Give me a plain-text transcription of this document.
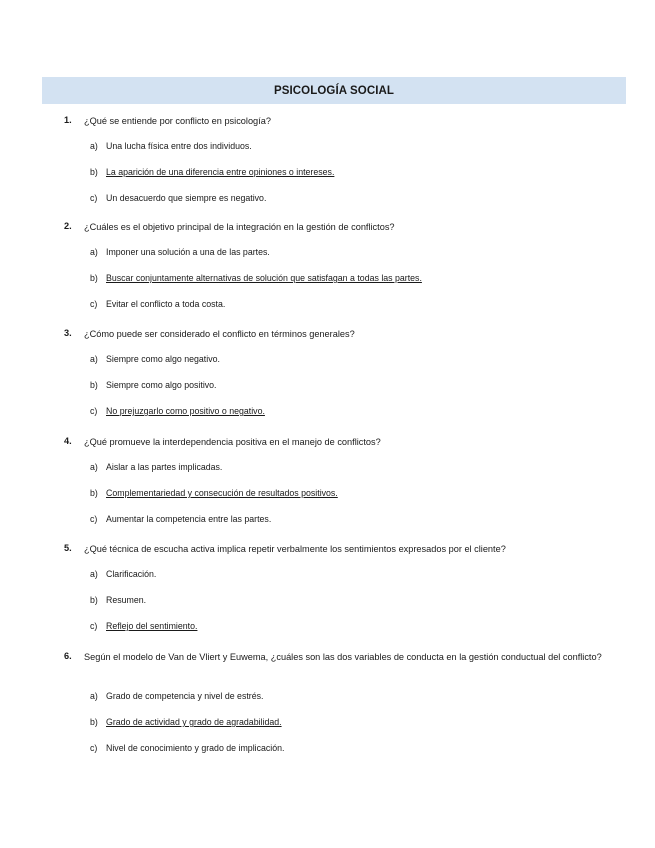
PSICOLOGÍA SOCIAL
1. ¿Qué se entiende por conflicto en psicología?
a) Una lucha física entre dos individuos.
b) La aparición de una diferencia entre opiniones o intereses.
c) Un desacuerdo que siempre es negativo.
2. ¿Cuáles es el objetivo principal de la integración en la gestión de conflictos?
a) Imponer una solución a una de las partes.
b) Buscar conjuntamente alternativas de solución que satisfagan a todas las partes.
c) Evitar el conflicto a toda costa.
3. ¿Cómo puede ser considerado el conflicto en términos generales?
a) Siempre como algo negativo.
b) Siempre como algo positivo.
c) No prejuzgarlo como positivo o negativo.
4. ¿Qué promueve la interdependencia positiva en el manejo de conflictos?
a) Aislar a las partes implicadas.
b) Complementariedad y consecución de resultados positivos.
c) Aumentar la competencia entre las partes.
5. ¿Qué técnica de escucha activa implica repetir verbalmente los sentimientos expresados por el cliente?
a) Clarificación.
b) Resumen.
c) Reflejo del sentimiento.
6. Según el modelo de Van de Vliert y Euwema, ¿cuáles son las dos variables de conducta en la gestión conductual del conflicto?
a) Grado de competencia y nivel de estrés.
b) Grado de actividad y grado de agradabilidad.
c) Nivel de conocimiento y grado de implicación.
